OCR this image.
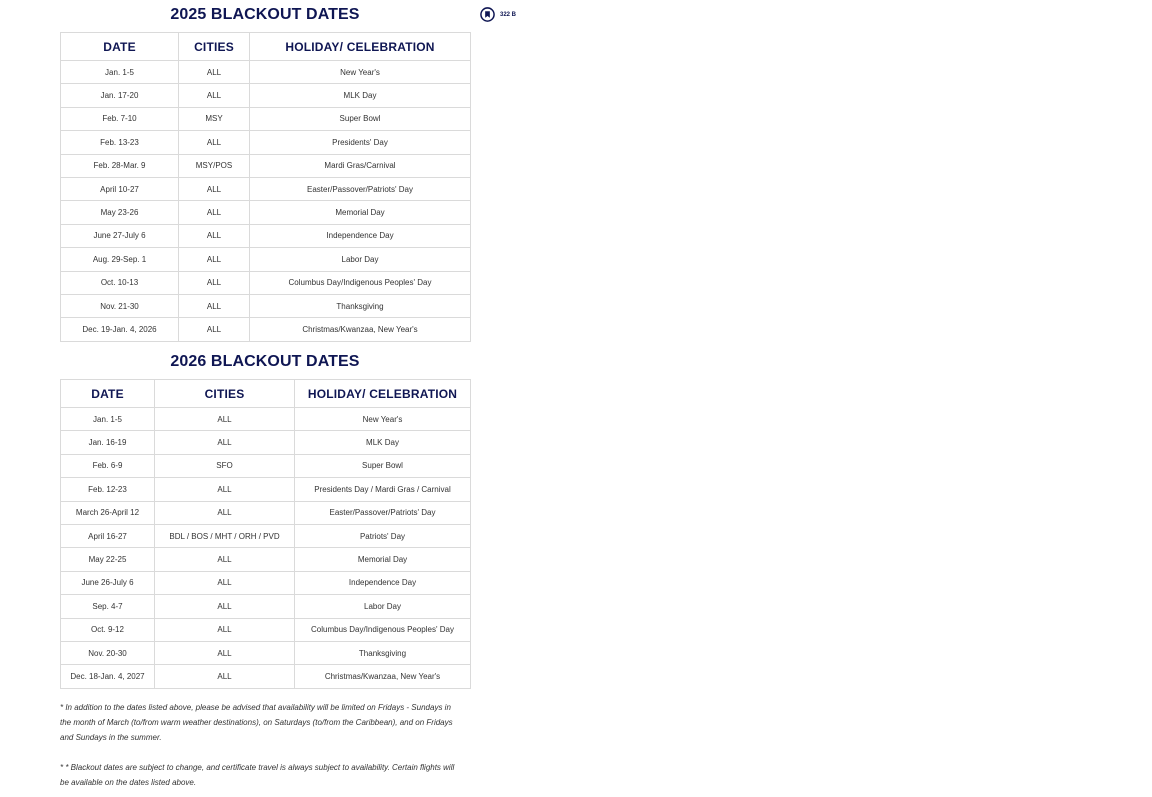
322 B
2025 BLACKOUT DATES
DATE	CITIES	HOLIDAY/ CELEBRATION
Jan. 1-5	ALL	New Year's
Jan. 17-20	ALL	MLK Day
Feb. 7-10	MSY	Super Bowl
Feb. 13-23	ALL	Presidents' Day
Feb. 28-Mar. 9	MSY/POS	Mardi Gras/Carnival
April 10-27	ALL	Easter/Passover/Patriots' Day
May 23-26	ALL	Memorial Day
June 27-July 6	ALL	Independence Day
Aug. 29-Sep. 1	ALL	Labor Day
Oct. 10-13	ALL	Columbus Day/Indigenous Peoples' Day
Nov. 21-30	ALL	Thanksgiving
Dec. 19-Jan. 4, 2026	ALL	Christmas/Kwanzaa, New Year's
2026 BLACKOUT DATES
DATE	CITIES	HOLIDAY/ CELEBRATION
Jan. 1-5	ALL	New Year's
Jan. 16-19	ALL	MLK Day
Feb. 6-9	SFO	Super Bowl
Feb. 12-23	ALL	Presidents Day / Mardi Gras / Carnival
March 26-April 12	ALL	Easter/Passover/Patriots' Day
April 16-27	BDL / BOS / MHT / ORH / PVD	Patriots' Day
May 22-25	ALL	Memorial Day
June 26-July 6	ALL	Independence Day
Sep. 4-7	ALL	Labor Day
Oct. 9-12	ALL	Columbus Day/Indigenous Peoples' Day
Nov. 20-30	ALL	Thanksgiving
Dec. 18-Jan. 4, 2027	ALL	Christmas/Kwanzaa, New Year's
* In addition to the dates listed above, please be advised that availability will be limited on Fridays - Sundays in the month of March (to/from warm weather destinations), on Saturdays (to/from the Caribbean), and on Fridays and Sundays in the summer.
* * Blackout dates are subject to change, and certificate travel is always subject to availability. Certain flights will be available on the dates listed above.
